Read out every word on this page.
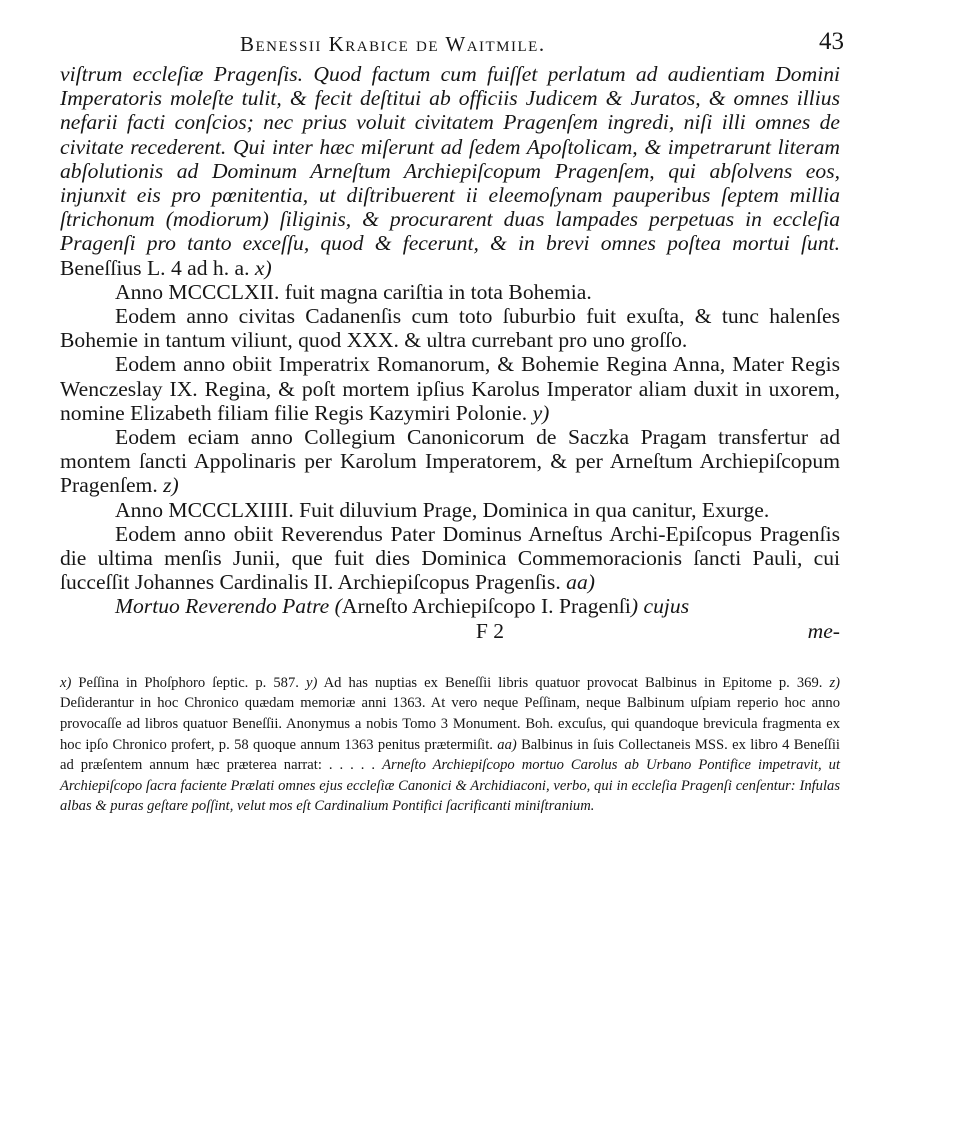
Benessii Krabice de Waitmile.	43

viſtrum eccleſiæ Pragenſis. Quod factum cum fuiſſet perlatum ad audientiam Domini Imperatoris moleſte tulit, & fecit deſtitui ab officiis Judicem & Juratos, & omnes illius nefarii facti conſcios; nec prius voluit civitatem Pragenſem ingredi, niſi illi omnes de civitate recederent. Qui inter hæc miſerunt ad ſedem Apoſtolicam, & impetrarunt literam abſolutionis ad Dominum Arneſtum Archiepiſcopum Pragenſem, qui abſolvens eos, injunxit eis pro pœnitentia, ut diſtribuerent ii eleemoſynam pauperibus ſeptem millia ſtrichonum (modiorum) ſiliginis, & procurarent duas lampades perpetuas in eccleſia Pragenſi pro tanto exceſſu, quod & fecerunt, & in brevi omnes poſtea mortui ſunt. Beneſſius L. 4 ad h. a. x)

Anno MCCCLXII. fuit magna cariſtia in tota Bohemia.

Eodem anno civitas Cadanenſis cum toto ſuburbio fuit exuſta, & tunc halenſes Bohemie in tantum viliunt, quod XXX. & ultra currebant pro uno groſſo.

Eodem anno obiit Imperatrix Romanorum, & Bohemie Regina Anna, Mater Regis Wenczeslay IX. Regina, & poſt mortem ipſius Karolus Imperator aliam duxit in uxorem, nomine Elizabeth filiam filie Regis Kazymiri Polonie. y)

Eodem eciam anno Collegium Canonicorum de Saczka Pragam transfertur ad montem ſancti Appolinaris per Karolum Imperatorem, & per Arneſtum Archiepiſcopum Pragenſem. z)

Anno MCCCLXIIII. Fuit diluvium Prage, Dominica in qua canitur, Exurge.

Eodem anno obiit Reverendus Pater Dominus Arneſtus Archi-Epiſcopus Pragenſis die ultima menſis Junii, que fuit dies Dominica Commemoracionis ſancti Pauli, cui ſucceſſit Johannes Cardinalis II. Archiepiſcopus Pragenſis. aa)

Mortuo Reverendo Patre (Arneſto Archiepiſcopo I. Pragenſi) cujus

F 2	me-

x) Peſſina in Phoſphoro ſeptic. p. 587. y) Ad has nuptias ex Beneſſii libris quatuor provocat Balbinus in Epitome p. 369. z) Deſiderantur in hoc Chronico quædam memoriæ anni 1363. At vero neque Peſſinam, neque Balbinum uſpiam reperio hoc anno provocaſſe ad libros quatuor Beneſſii. Anonymus a nobis Tomo 3 Monument. Boh. excuſus, qui quandoque brevicula fragmenta ex hoc ipſo Chronico profert, p. 58 quoque annum 1363 penitus prætermiſit. aa) Balbinus in ſuis Collectaneis MSS. ex libro 4 Beneſſii ad præſentem annum hæc præterea narrat: . . . . . Arneſto Archiepiſcopo mortuo Carolus ab Urbano Pontifice impetravit, ut Archiepiſcopo ſacra faciente Prælati omnes ejus eccleſiæ Canonici & Archidiaconi, verbo, qui in eccleſia Pragenſi cenſentur: Infulas albas & puras geſtare poſſint, velut mos eſt Cardinalium Pontifici ſacrificanti miniſtranium.
